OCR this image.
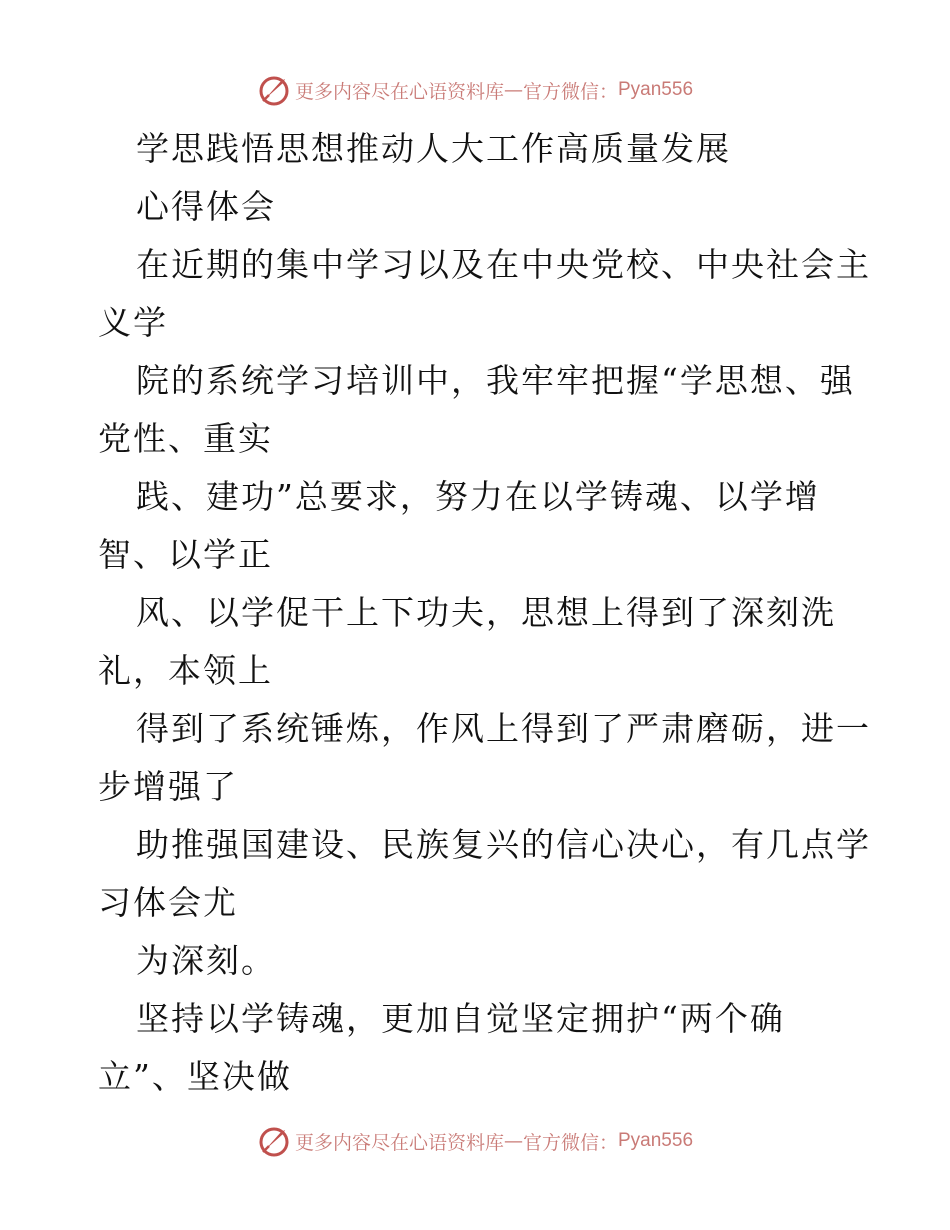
更多内容尽在心语资料库 — 官方微信： Pyan556
学思践悟思想推动人大工作高质量发展
心得体会
在近期的集中学习以及在中央党校、中央社会主
义学
院的系统学习培训中，我牢牢把握“学思想、强
党性、重实
践、建功”总要求，努力在以学铸魂、以学增
智、以学正
风、以学促干上下功夫，思想上得到了深刻洗
礼，本领上
得到了系统锤炼，作风上得到了严肃磨砺，进一
步增强了
助推强国建设、民族复兴的信心决心，有几点学
习体会尤
为深刻。
坚持以学铸魂，更加自觉坚定拥护“两个确
立”、坚决做
更多内容尽在心语资料库 — 官方微信： Pyan556
